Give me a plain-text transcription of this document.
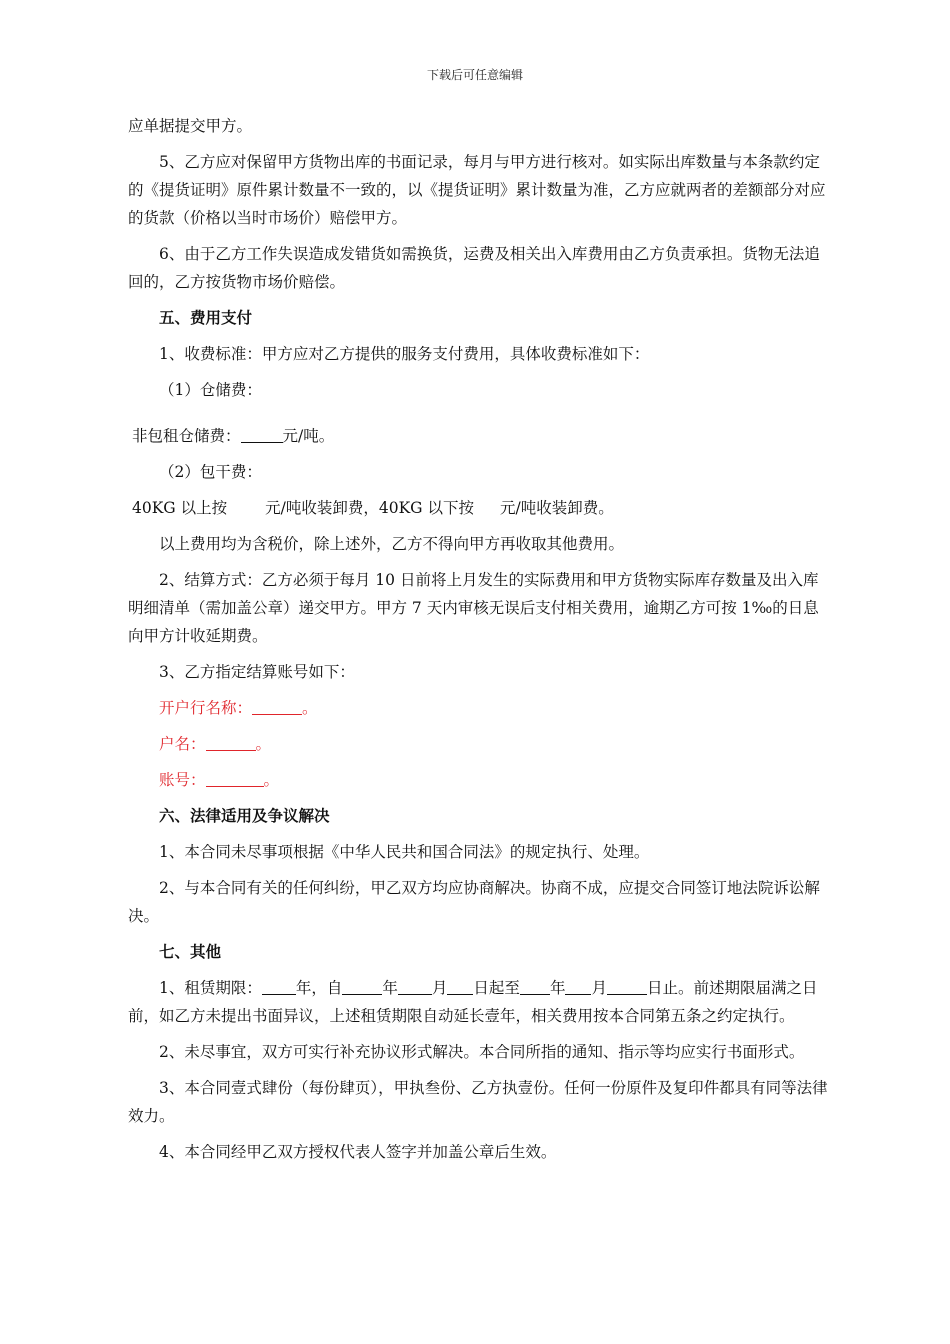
下载后可任意编辑

应单据提交甲方。

5、乙方应对保留甲方货物出库的书面记录，每月与甲方进行核对。如实际出库数量与本条款约定的《提货证明》原件累计数量不一致的，以《提货证明》累计数量为准，乙方应就两者的差额部分对应的货款（价格以当时市场价）赔偿甲方。

6、由于乙方工作失误造成发错货如需换货，运费及相关出入库费用由乙方负责承担。货物无法追回的，乙方按货物市场价赔偿。

五、费用支付

1、收费标准：甲方应对乙方提供的服务支付费用，具体收费标准如下：

（1）仓储费：

非包租仓储费：	元/吨。

（2）包干费：

40KG 以上按 元/吨收装卸费，40KG 以下按 元/吨收装卸费。

以上费用均为含税价，除上述外，乙方不得向甲方再收取其他费用。

2、结算方式：乙方必须于每月 10 日前将上月发生的实际费用和甲方货物实际库存数量及出入库明细清单（需加盖公章）递交甲方。甲方 7 天内审核无误后支付相关费用，逾期乙方可按 1‰的日息向甲方计收延期费。

3、乙方指定结算账号如下：

开户行名称：	。

户名：	。

账号：	。

六、法律适用及争议解决

1、本合同未尽事项根据《中华人民共和国合同法》的规定执行、处理。

2、与本合同有关的任何纠纷，甲乙双方均应协商解决。协商不成，应提交合同签订地法院诉讼解决。

七、其他

1、租赁期限： 年，自	年 月 日起至 年 月	日止。前述期限届满之日前，如乙方未提出书面异议，上述租赁期限自动延长壹年，相关费用按本合同第五条之约定执行。

2、未尽事宜，双方可实行补充协议形式解决。本合同所指的通知、指示等均应实行书面形式。

3、本合同壹式肆份（每份肆页），甲执叁份、乙方执壹份。任何一份原件及复印件都具有同等法律效力。

4、本合同经甲乙双方授权代表人签字并加盖公章后生效。
